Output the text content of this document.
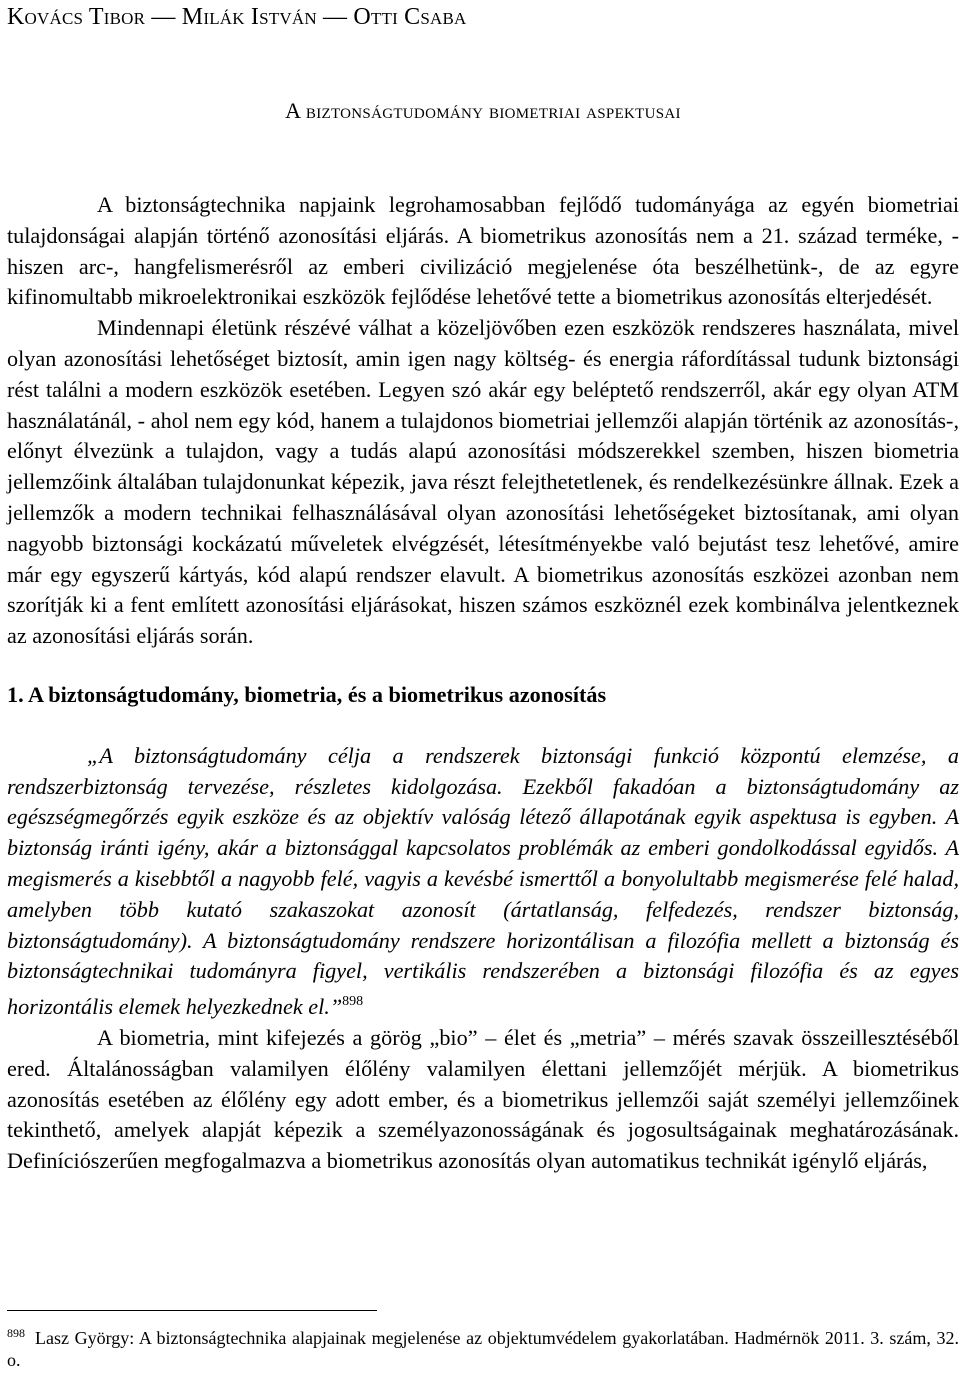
Kovács Tibor — Milák István — Otti Csaba
A biztonságtudomány biometriai aspektusai

A biztonságtechnika napjaink legrohamosabban fejlődő tudományága az egyén biometriai tulajdonságai alapján történő azonosítási eljárás. A biometrikus azonosítás nem a 21. század terméke, - hiszen arc-, hangfelismerésről az emberi civilizáció megjelenése óta beszélhetünk-, de az egyre kifinomultabb mikroelektronikai eszközök fejlődése lehetővé tette a biometrikus azonosítás elterjedését.

Mindennapi életünk részévé válhat a közeljövőben ezen eszközök rendszeres használata, mivel olyan azonosítási lehetőséget biztosít, amin igen nagy költség- és energia ráfordítással tudunk biztonsági rést találni a modern eszközök esetében. Legyen szó akár egy beléptető rendszerről, akár egy olyan ATM használatánál, - ahol nem egy kód, hanem a tulajdonos biometriai jellemzői alapján történik az azonosítás-, előnyt élvezünk a tulajdon, vagy a tudás alapú azonosítási módszerekkel szemben, hiszen biometria jellemzőink általában tulajdonunkat képezik, java részt felejthetetlenek, és rendelkezésünkre állnak. Ezek a jellemzők a modern technikai felhasználásával olyan azonosítási lehetőségeket biztosítanak, ami olyan nagyobb biztonsági kockázatú műveletek elvégzését, létesítményekbe való bejutást tesz lehetővé, amire már egy egyszerű kártyás, kód alapú rendszer elavult. A biometrikus azonosítás eszközei azonban nem szorítják ki a fent említett azonosítási eljárásokat, hiszen számos eszköznél ezek kombinálva jelentkeznek az azonosítási eljárás során.

1. A biztonságtudomány, biometria, és a biometrikus azonosítás

„A biztonságtudomány célja a rendszerek biztonsági funkció központú elemzése, a rendszerbiztonság tervezése, részletes kidolgozása. Ezekből fakadóan a biztonságtudomány az egészségmegőrzés egyik eszköze és az objektív valóság létező állapotának egyik aspektusa is egyben. A biztonság iránti igény, akár a biztonsággal kapcsolatos problémák az emberi gondolkodással egyidős. A megismerés a kisebbtől a nagyobb felé, vagyis a kevésbé ismerttől a bonyolultabb megismerése felé halad, amelyben több kutató szakaszokat azonosít (ártatlanság, felfedezés, rendszer biztonság, biztonságtudomány). A biztonságtudomány rendszere horizontálisan a filozófia mellett a biztonság és biztonságtechnikai tudományra figyel, vertikális rendszerében a biztonsági filozófia és az egyes horizontális elemek helyezkednek el.”$^{898}$

A biometria, mint kifejezés a görög „bio” – élet és „metria” – mérés szavak összeillesztéséből ered. Általánosságban valamilyen élőlény valamilyen élettani jellemzőjét mérjük. A biometrikus azonosítás esetében az élőlény egy adott ember, és a biometrikus jellemzői saját személyi jellemzőinek tekinthető, amelyek alapját képezik a személyazonosságának és jogosultságainak meghatározásának. Definíciószerűen megfogalmazva a biometrikus azonosítás olyan automatikus technikát igénylő eljárás,

$^{898}$ Lasz György: A biztonságtechnika alapjainak megjelenése az objektumvédelem gyakorlatában. Hadmérnök 2011. 3. szám, 32. o.
